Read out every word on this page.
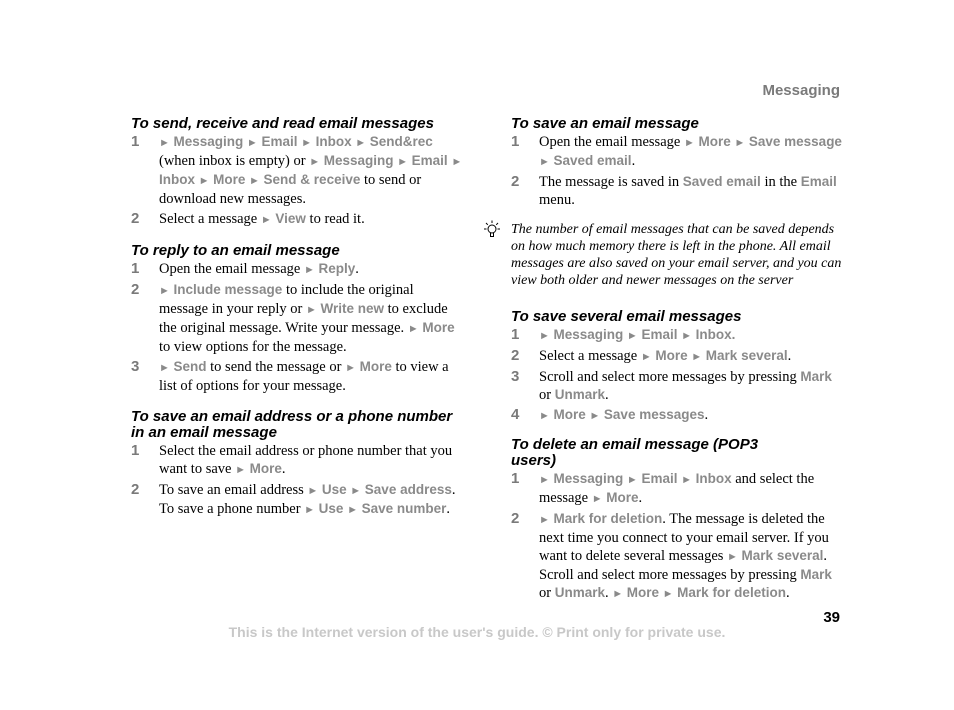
Messaging
To send, receive and read email messages
1 ► Messaging ► Email ► Inbox ► Send&rec (when inbox is empty) or ► Messaging ► Email ► Inbox ► More ► Send & receive to send or download new messages.
2 Select a message ► View to read it.
To reply to an email message
1 Open the email message ► Reply.
2 ► Include message to include the original message in your reply or ► Write new to exclude the original message. Write your message. ► More to view options for the message.
3 ► Send to send the message or ► More to view a list of options for your message.
To save an email address or a phone number in an email message
1 Select the email address or phone number that you want to save ► More.
2 To save an email address ► Use ► Save address. To save a phone number ► Use ► Save number.
To save an email message
1 Open the email message ► More ► Save message ► Saved email.
2 The message is saved in Saved email in the Email menu.
The number of email messages that can be saved depends on how much memory there is left in the phone. All email messages are also saved on your email server, and you can view both older and newer messages on the server
To save several email messages
1 ► Messaging ► Email ► Inbox.
2 Select a message ► More ► Mark several.
3 Scroll and select more messages by pressing Mark or Unmark.
4 ► More ► Save messages.
To delete an email message (POP3 users)
1 ► Messaging ► Email ► Inbox and select the message ► More.
2 ► Mark for deletion. The message is deleted the next time you connect to your email server. If you want to delete several messages ► Mark several. Scroll and select more messages by pressing Mark or Unmark. ► More ► Mark for deletion.
39
This is the Internet version of the user's guide. © Print only for private use.
